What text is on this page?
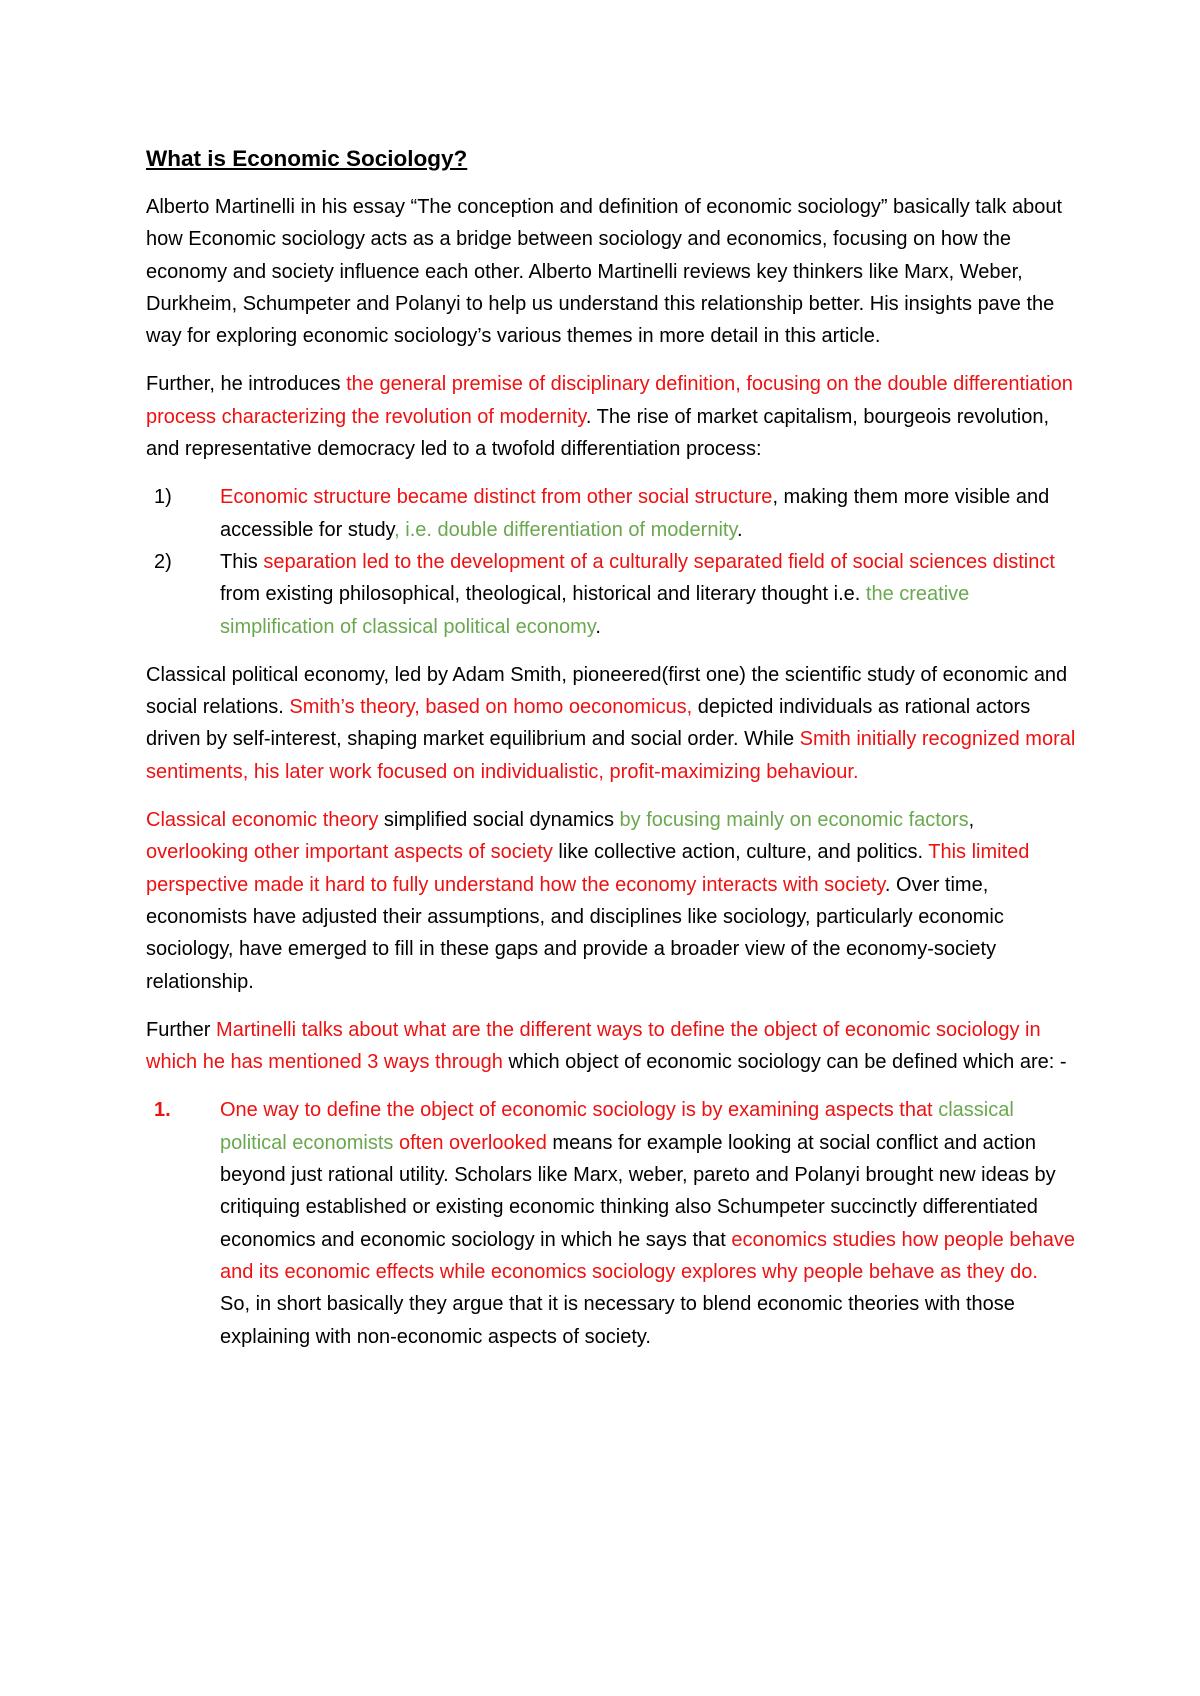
What is Economic Sociology?
Alberto Martinelli in his essay “The conception and definition of economic sociology” basically talk about how Economic sociology acts as a bridge between sociology and economics, focusing on how the economy and society influence each other. Alberto Martinelli reviews key thinkers like Marx, Weber, Durkheim, Schumpeter and Polanyi to help us understand this relationship better. His insights pave the way for exploring economic sociology’s various themes in more detail in this article.
Further, he introduces the general premise of disciplinary definition, focusing on the double differentiation process characterizing the revolution of modernity. The rise of market capitalism, bourgeois revolution, and representative democracy led to a twofold differentiation process:
1)	Economic structure became distinct from other social structure, making them more visible and accessible for study, i.e. double differentiation of modernity.
2)	This separation led to the development of a culturally separated field of social sciences distinct from existing philosophical, theological, historical and literary thought i.e. the creative simplification of classical political economy.
Classical political economy, led by Adam Smith, pioneered(first one) the scientific study of economic and social relations. Smith’s theory, based on homo oeconomicus, depicted individuals as rational actors driven by self-interest, shaping market equilibrium and social order. While Smith initially recognized moral sentiments, his later work focused on individualistic, profit-maximizing behaviour.
Classical economic theory simplified social dynamics by focusing mainly on economic factors, overlooking other important aspects of society like collective action, culture, and politics. This limited perspective made it hard to fully understand how the economy interacts with society. Over time, economists have adjusted their assumptions, and disciplines like sociology, particularly economic sociology, have emerged to fill in these gaps and provide a broader view of the economy-society relationship.
Further Martinelli talks about what are the different ways to define the object of economic sociology in which he has mentioned 3 ways through which object of economic sociology can be defined which are: -
1.	One way to define the object of economic sociology is by examining aspects that classical political economists often overlooked means for example looking at social conflict and action beyond just rational utility. Scholars like Marx, weber, pareto and Polanyi brought new ideas by critiquing established or existing economic thinking also Schumpeter succinctly differentiated economics and economic sociology in which he says that economics studies how people behave and its economic effects while economics sociology explores why people behave as they do.
So, in short basically they argue that it is necessary to blend economic theories with those explaining with non-economic aspects of society.
